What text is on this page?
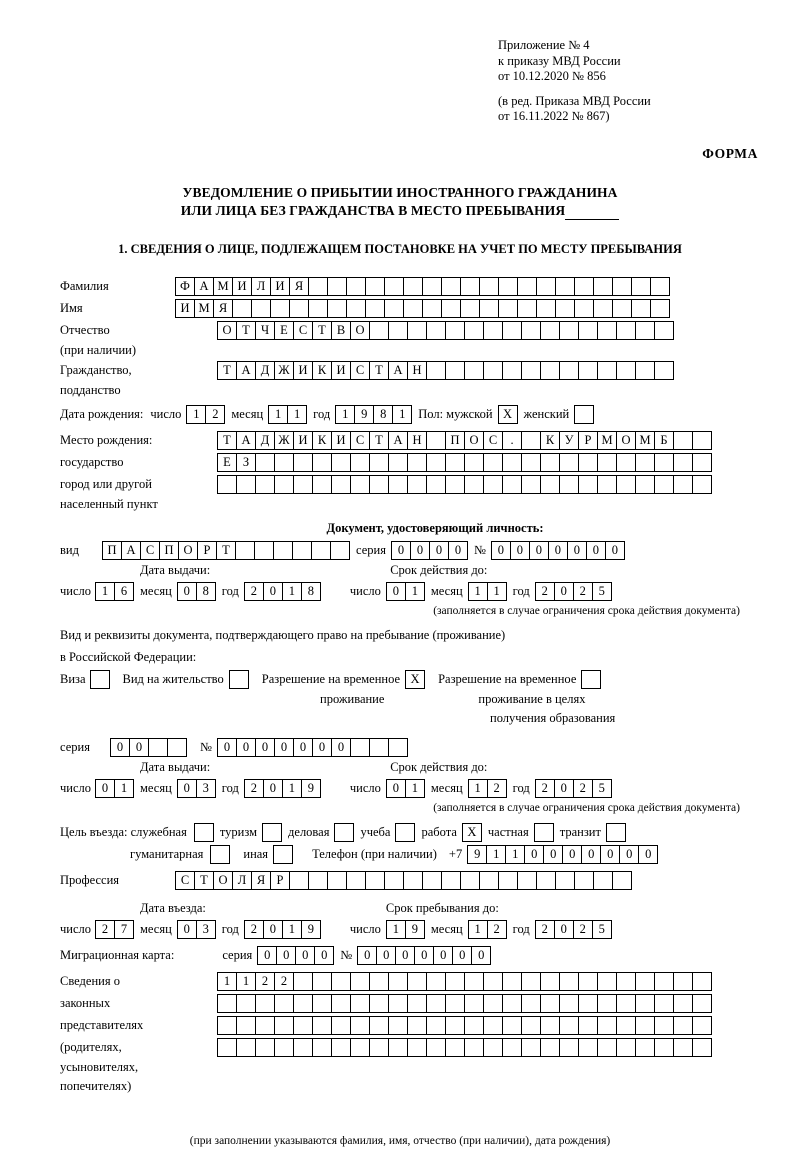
Приложение № 4
к приказу МВД России
от 10.12.2020 № 856
(в ред. Приказа МВД России
от 16.11.2022 № 867)
ФОРМА
УВЕДОМЛЕНИЕ О ПРИБЫТИИ ИНОСТРАННОГО ГРАЖДАНИНА
ИЛИ ЛИЦА БЕЗ ГРАЖДАНСТВА В МЕСТО ПРЕБЫВАНИЯ
1. СВЕДЕНИЯ О ЛИЦЕ, ПОДЛЕЖАЩЕМ ПОСТАНОВКЕ НА УЧЕТ ПО МЕСТУ ПРЕБЫВАНИЯ
Фамилия	Ф А М И Л И Я
Имя	И М Я
Отчество	О Т Ч Е С Т В О
(при наличии)
Гражданство,	Т А Д Ж И К И С Т А Н
подданство
Дата рождения: число 1	2	месяц 1	1	год 1	9	8	1	Пол: мужской Х женский
Место рождения:	Т А Д Ж И К И С Т А Н	П О С	.	К У Р М О М Б
государство	Е З
город или другой
населенный пункт
Документ, удостоверяющий личность:
вид	П А С П О Р Т	серия 0	0	0	0	№ 0	0	0	0	0	0	0
Дата выдачи:	Срок действия до:
число 1	6	месяц 0	8	год 2	0	1	8	число 0	1	месяц 1	1	год 2	0	2	5
(заполняется в случае ограничения срока действия документа)
Вид и реквизиты документа, подтверждающего право на пребывание (проживание)
в Российской Федерации:
Виза	Вид на жительство	Разрешение на временное Х	Разрешение на временное
проживание	проживание в целях
получения образования
серия	0	0	№ 0	0	0	0	0	0	0
Дата выдачи:	Срок действия до:
число 0	1	месяц 0	3	год 2	0	1	9	число 0	1	месяц 1	2	год 2	0	2	5
(заполняется в случае ограничения срока действия документа)
Цель въезда: служебная	туризм деловая учеба работа Х частная транзит
гуманитарная	иная	Телефон (при наличии) +7 9	1	1	0	0	0	0	0	0	0
Профессия	С Т О Л Я Р
Дата въезда:	Срок пребывания до:
число 2	7	месяц 0	3	год 2	0	1	9	число 1	9	месяц 1	2	год 2	0	2	5
Миграционная карта:	серия 0	0	0	0	№ 0	0	0	0	0	0	0
Сведения о	1	1	2	2
законных
представителях
(родителях,
усыновителях,
попечителях)
(при заполнении указываются фамилия, имя, отчество (при наличии), дата рождения)
